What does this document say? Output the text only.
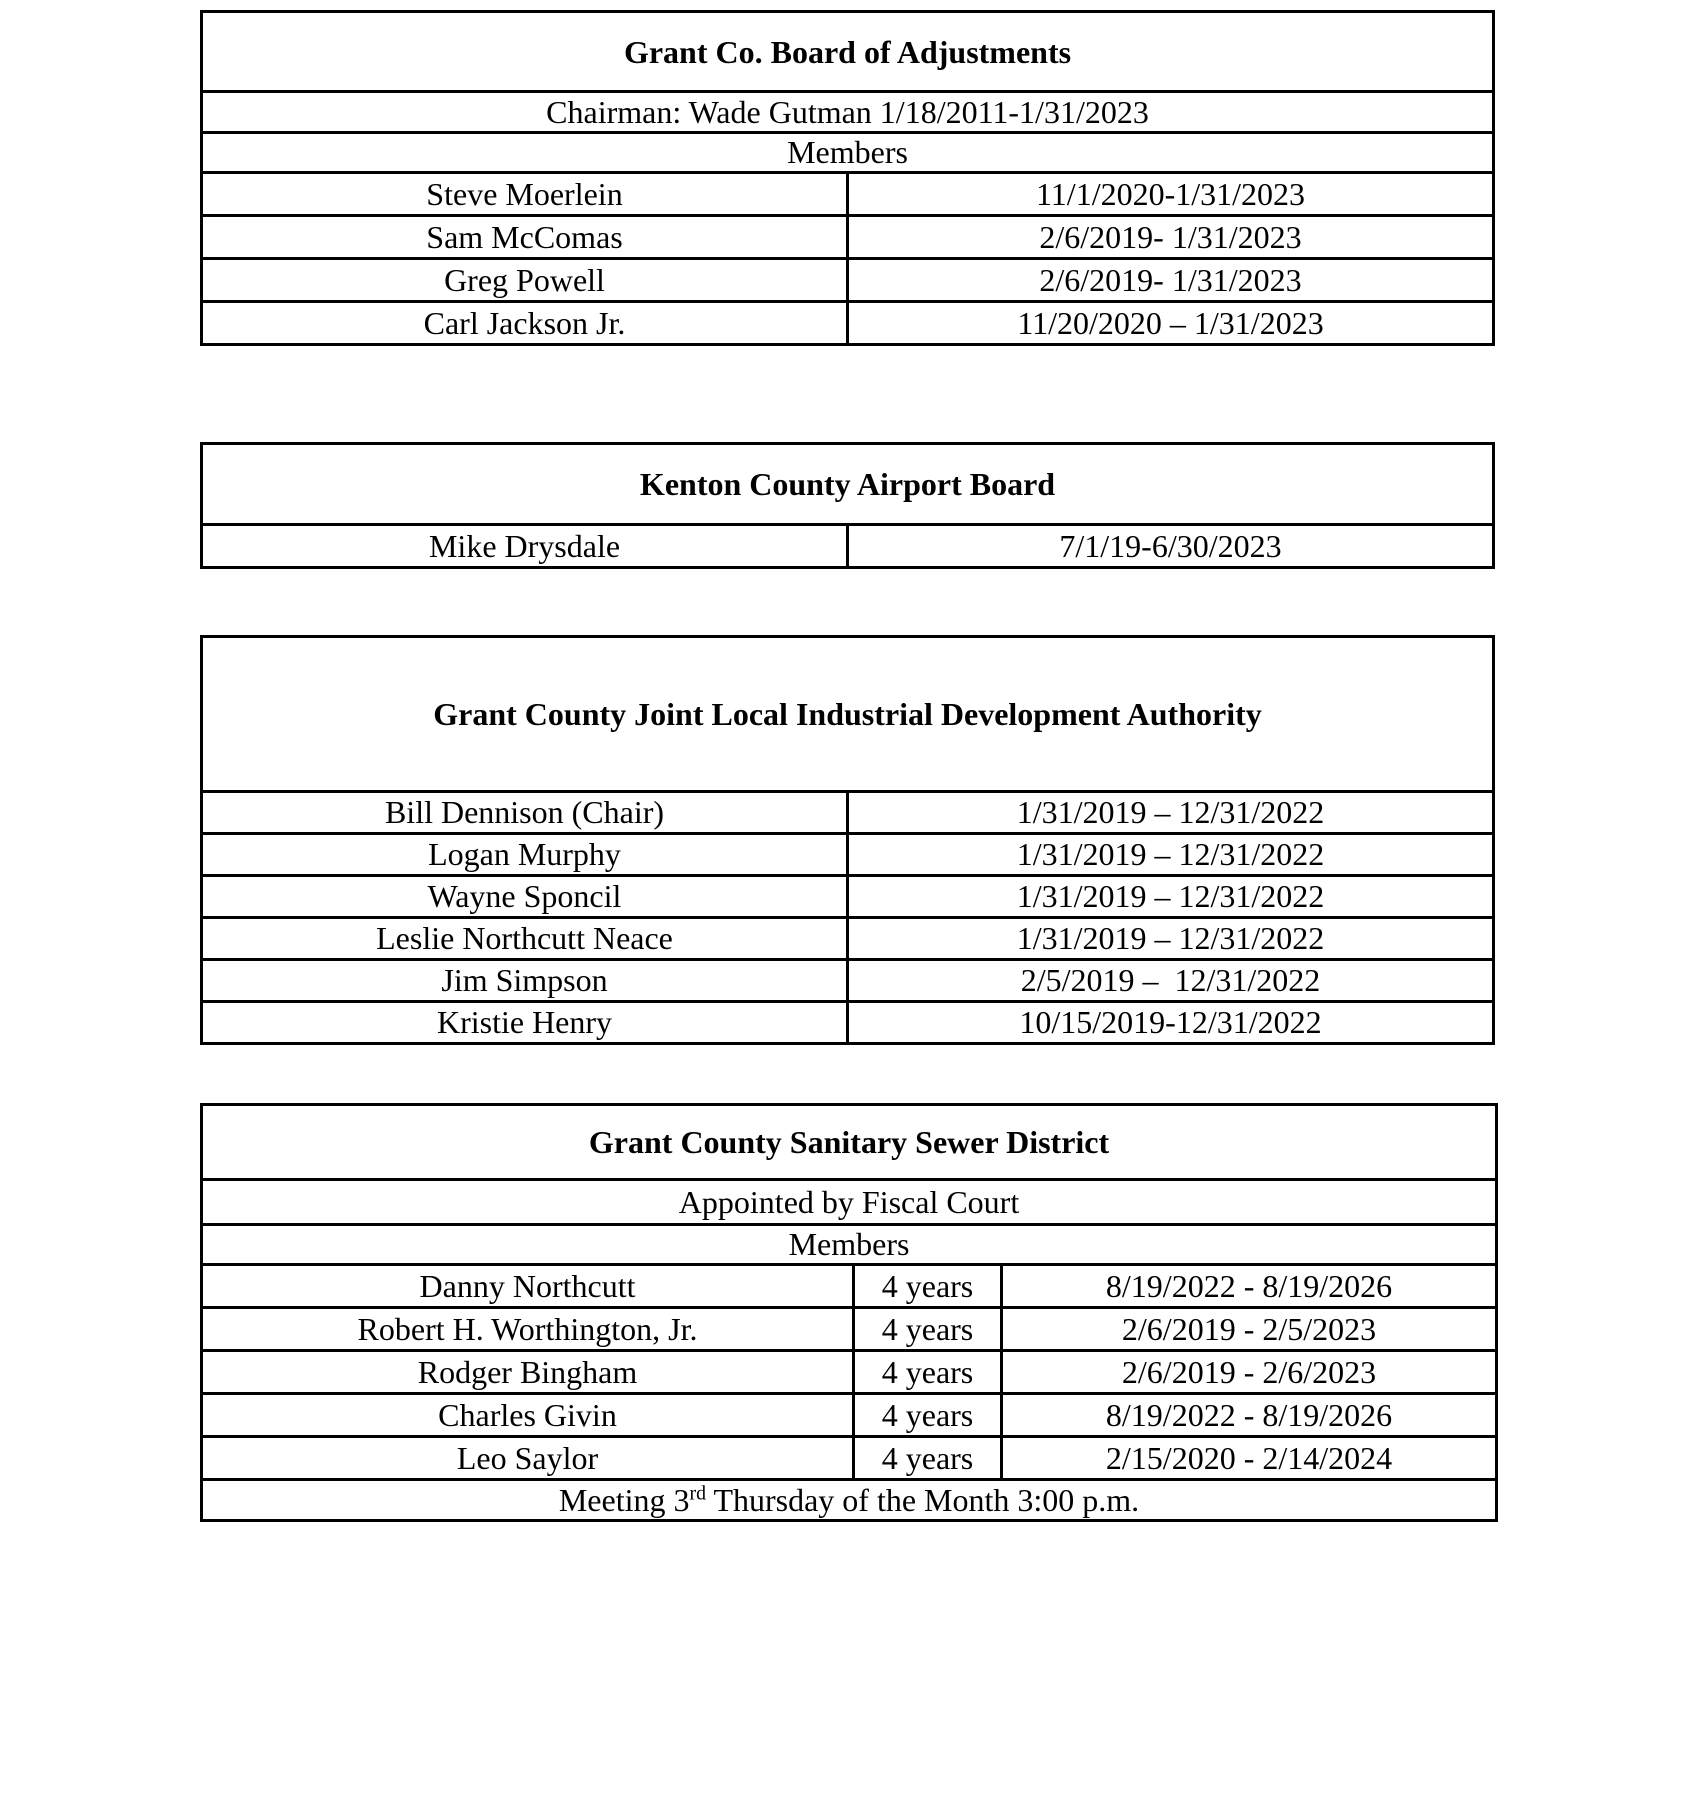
Grant Co. Board of Adjustments	
Chairman: Wade Gutman 1/18/2011-1/31/2023	
Members	
Steve Moerlein	11/1/2020-1/31/2023
Sam McComas	2/6/2019- 1/31/2023
Greg Powell	2/6/2019- 1/31/2023
Carl Jackson Jr.	11/20/2020 – 1/31/2023
Kenton County Airport Board
Mike Drysdale	7/1/19-6/30/2023
Grant County Joint Local Industrial Development Authority	
Bill Dennison (Chair)	1/31/2019 – 12/31/2022
Logan Murphy	1/31/2019 – 12/31/2022
Wayne Sponcil	1/31/2019 – 12/31/2022
Leslie Northcutt Neace	1/31/2019 – 12/31/2022
Jim Simpson	2/5/2019 –  12/31/2022
Kristie Henry	10/15/2019-12/31/2022
Grant County Sanitary Sewer District		
Appointed by Fiscal Court		
Members		
Danny Northcutt	4 years	8/19/2022 - 8/19/2026
Robert H. Worthington, Jr.	4 years	2/6/2019 - 2/5/2023
Rodger Bingham	4 years	2/6/2019 - 2/6/2023
Charles Givin	4 years	8/19/2022 - 8/19/2026
Leo Saylor	4 years	2/15/2020 - 2/14/2024
Meeting 3rd Thursday of the Month 3:00 p.m.		
